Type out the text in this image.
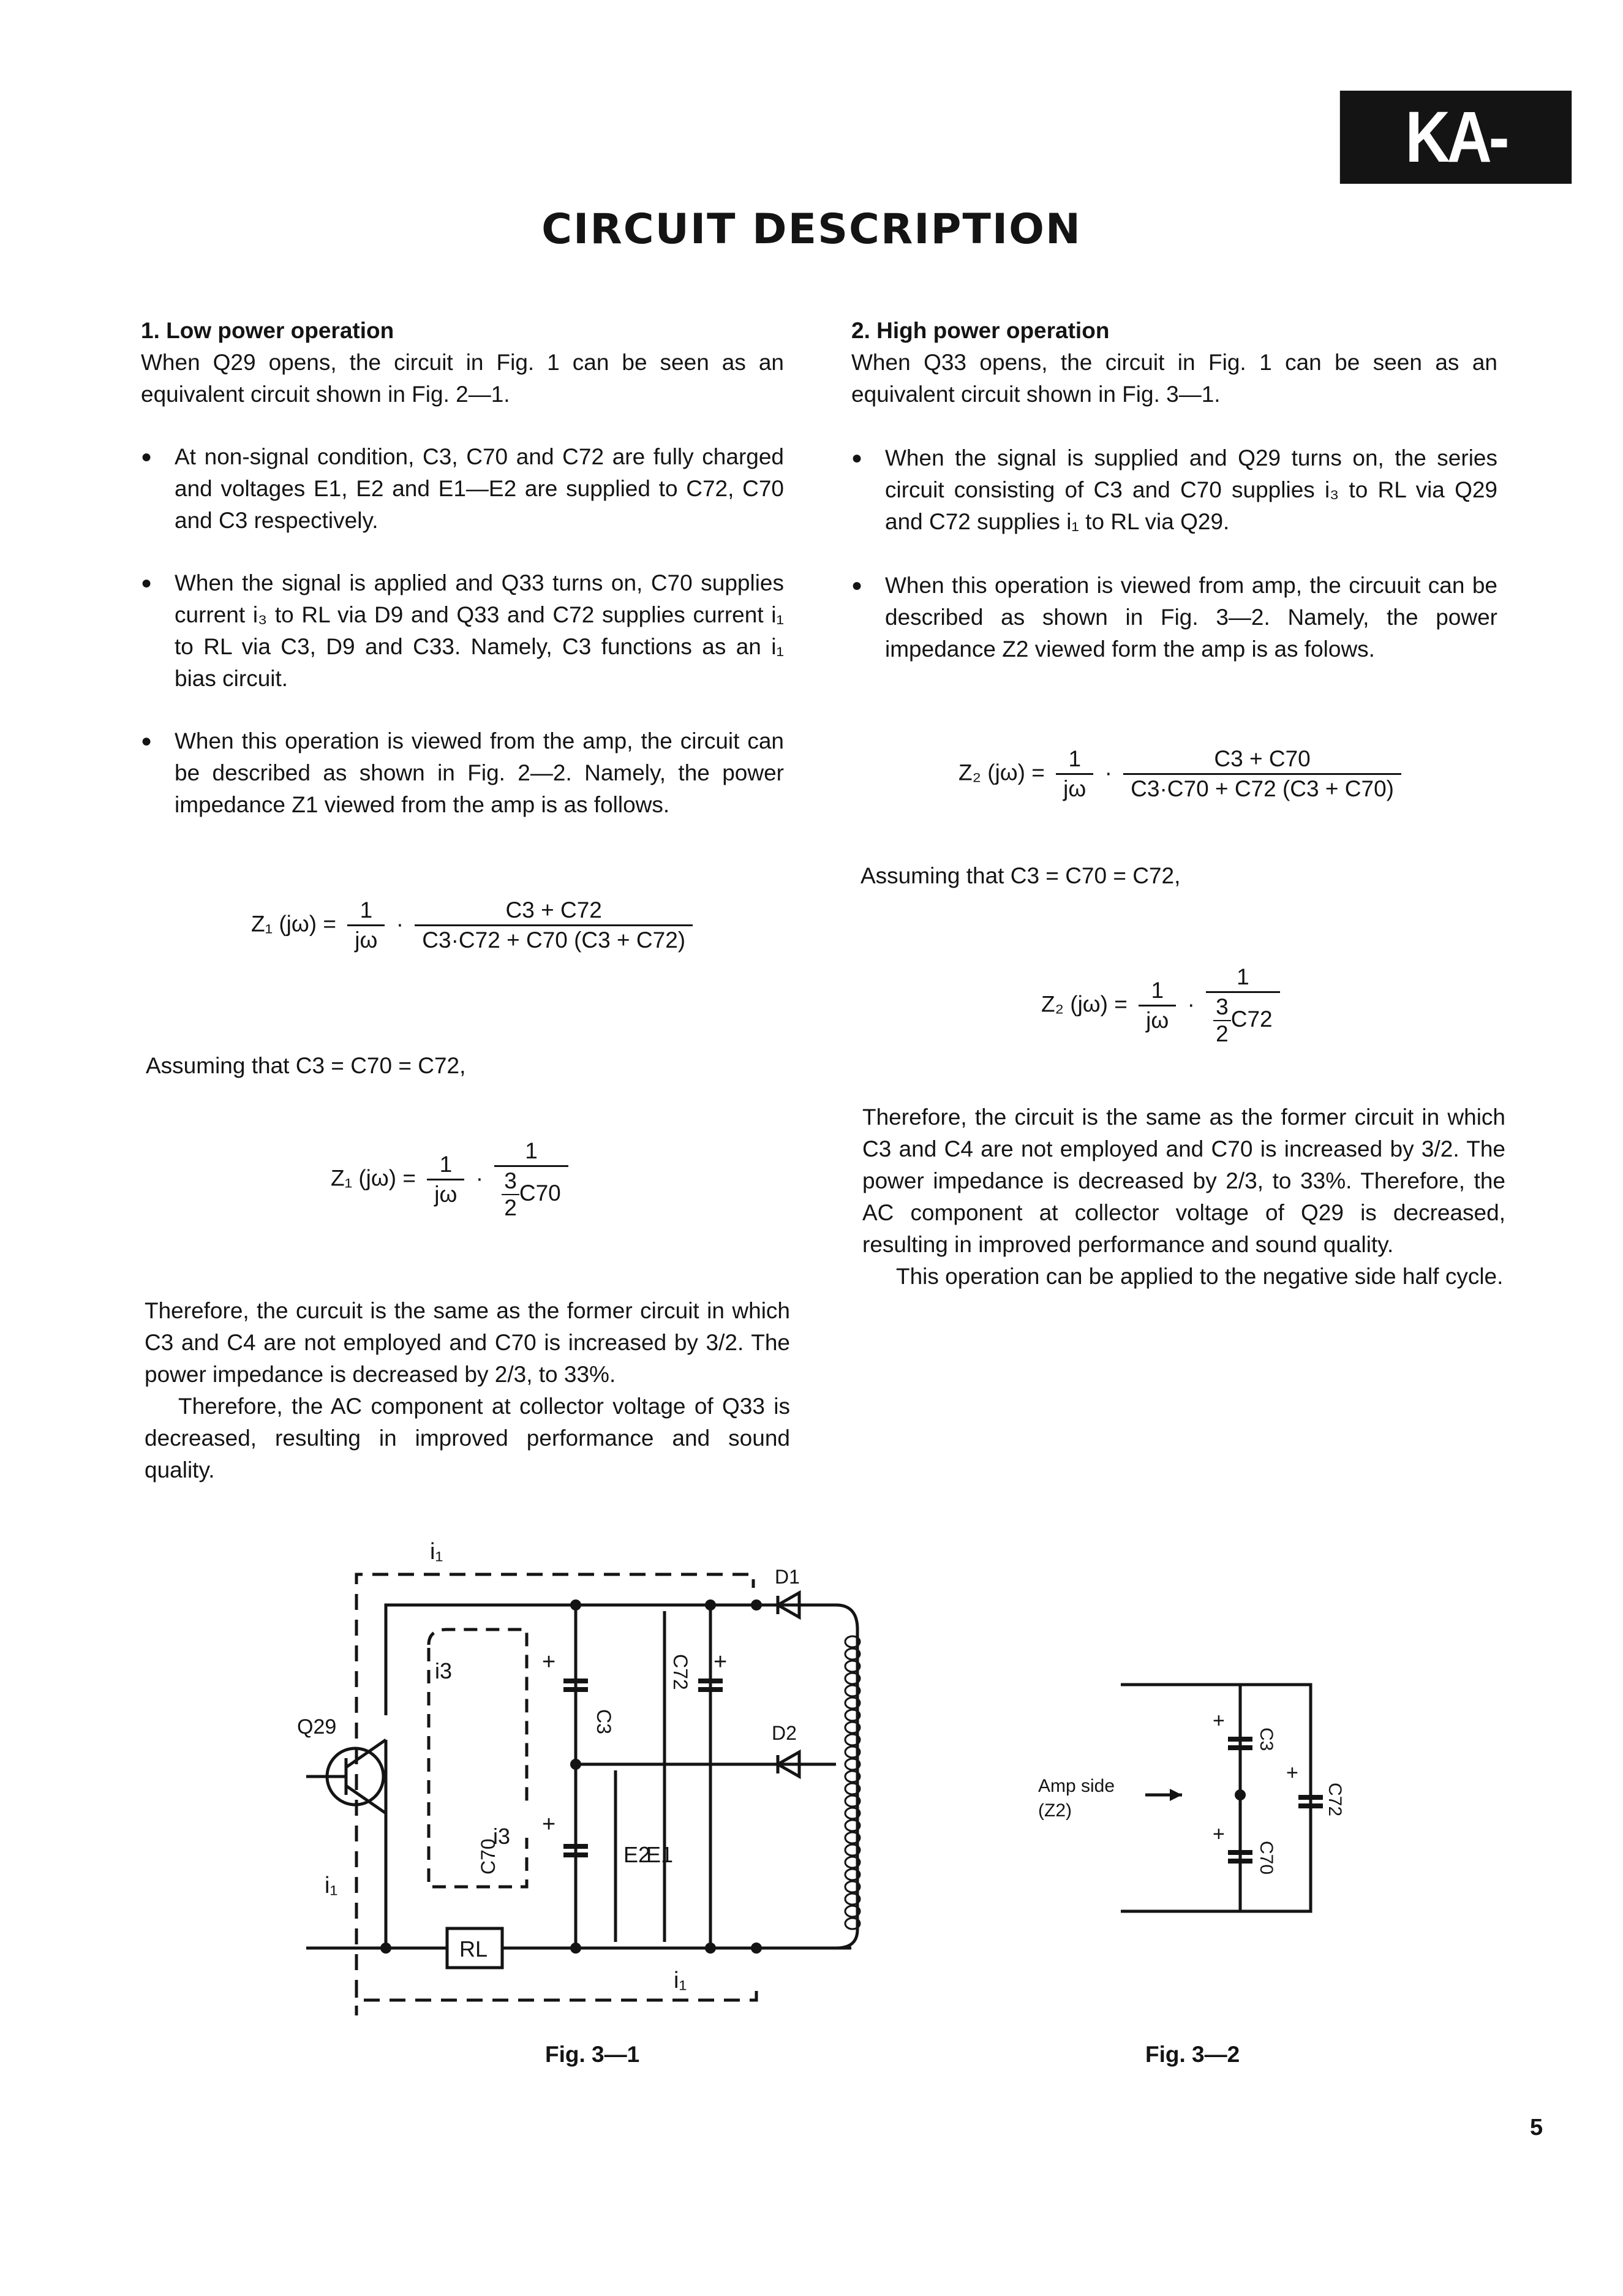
KA-1100SD
CIRCUIT DESCRIPTION

1. Low power operation

When Q29 opens, the circuit in Fig. 1 can be seen as an equivalent circuit shown in Fig. 2—1.

● At non-signal condition, C3, C70 and C72 are fully charged and voltages E1, E2 and E1—E2 are supplied to C72, C70 and C3 respectively.

● When the signal is applied and Q33 turns on, C70 supplies current i₃ to RL via D9 and Q33 and C72 supplies current i₁ to RL via C3, D9 and C33. Namely, C3 functions as an i₁ bias circuit.

● When this operation is viewed from the amp, the circuit can be described as shown in Fig. 2—2. Namely, the power impedance Z1 viewed from the amp is as follows.

Z₁ $(j\omega) = \frac{1}{j\omega} \cdot \frac{C3 + C72}{C3\cdot C72 + C70 (C3 + C72)}$

Assuming that C3 = C70 = C72,

Z₁ $(j\omega) = \frac{1}{j\omega} \cdot \frac{1}{\frac{3}{2} C70}$

Therefore, the curcuit is the same as the former circuit in which C3 and C4 are not employed and C70 is increased by 3/2. The power impedance is decreased by 2/3, to 33%.

Therefore, the AC component at collector voltage of Q33 is decreased, resulting in improved performance and sound quality.

2. High power operation

When Q33 opens, the circuit in Fig. 1 can be seen as an equivalent circuit shown in Fig. 3—1.

● When the signal is supplied and Q29 turns on, the series circuit consisting of C3 and C70 supplies i₃ to RL via Q29 and C72 supplies i₁ to RL via Q29.

● When this operation is viewed from amp, the circuuit can be described as shown in Fig. 3—2. Namely, the power impedance Z2 viewed form the amp is as folows.

Z₂ $(j\omega) = \frac{1}{j\omega} \cdot \frac{C3 + C70}{C3\cdot C70 + C72 (C3 + C70)}$

Assuming that C3 = C70 = C72,

Z₂ $(j\omega) = \frac{1}{j\omega} \cdot \frac{1}{\frac{3}{2} C72}$

Therefore, the circuit is the same as the former circuit in which C3 and C4 are not employed and C70 is increased by 3/2. The power impedance is decreased by 2/3, to 33%. Therefore, the AC component at collector voltage of Q29 is decreased, resulting in improved performance and sound quality.

This operation can be applied to the negative side half cycle.

i₁
i₁
i₁
i3
i3
Q29
D1
D2
C3
C72
C70	E2
E1
RL
+	+
+
Fig. 3—1
Amp side
(Z2)
C3
C70
C72
+
+
+
Fig. 3—2
5
